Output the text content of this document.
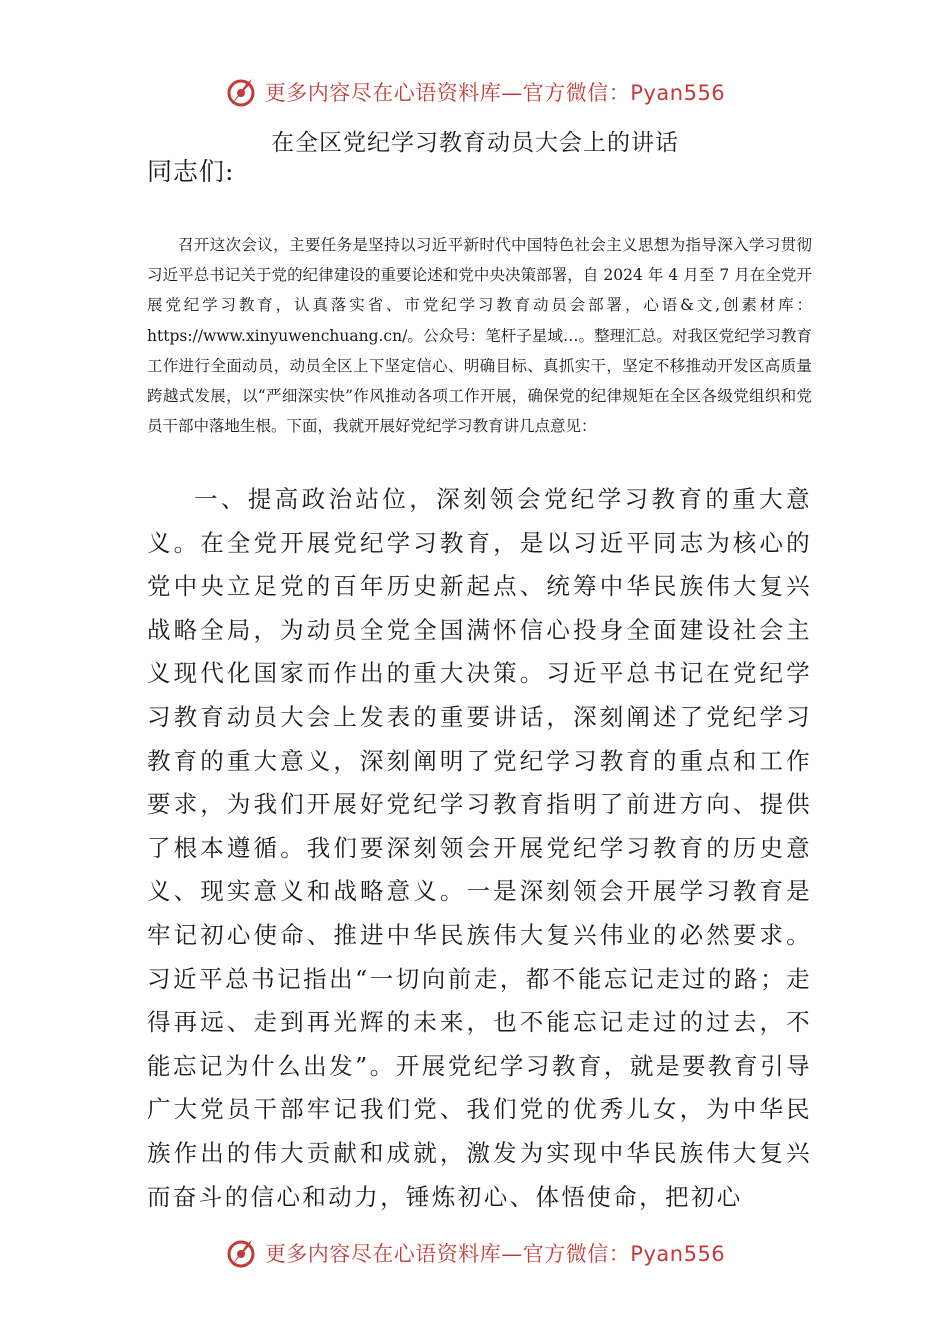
更多内容尽在心语资料库—官方微信：Pyan556
在全区党纪学习教育动员大会上的讲话
同志们:

召开这次会议，主要任务是坚持以习近平新时代中国特色社会主义思想为指导深入学习贯彻习近平总书记关于党的纪律建设的重要论述和党中央决策部署，自 2024 年 4 月至 7 月在全党开展党纪学习教育，认真落实省、市党纪学习教育动员会部署，心语&文,创素材库：https://www.xinyuwenchuang.cn/。公众号：笔杆子星域…。整理汇总。对我区党纪学习教育工作进行全面动员，动员全区上下坚定信心、明确目标、真抓实干，坚定不移推动开发区高质量跨越式发展，以“严细深实快”作风推动各项工作开展，确保党的纪律规矩在全区各级党组织和党员干部中落地生根。下面，我就开展好党纪学习教育讲几点意见：

一、提高政治站位，深刻领会党纪学习教育的重大意义。在全党开展党纪学习教育，是以习近平同志为核心的党中央立足党的百年历史新起点、统筹中华民族伟大复兴战略全局，为动员全党全国满怀信心投身全面建设社会主义现代化国家而作出的重大决策。习近平总书记在党纪学习教育动员大会上发表的重要讲话，深刻阐述了党纪学习教育的重大意义，深刻阐明了党纪学习教育的重点和工作要求，为我们开展好党纪学习教育指明了前进方向、提供了根本遵循。我们要深刻领会开展党纪学习教育的历史意义、现实意义和战略意义。一是深刻领会开展学习教育是牢记初心使命、推进中华民族伟大复兴伟业的必然要求。习近平总书记指出“一切向前走，都不能忘记走过的路；走得再远、走到再光辉的未来，也不能忘记走过的过去，不能忘记为什么出发”。开展党纪学习教育，就是要教育引导广大党员干部牢记我们党、我们党的优秀儿女，为中华民族作出的伟大贡献和成就，激发为实现中华民族伟大复兴而奋斗的信心和动力，锤炼初心、体悟使命，把初心

更多内容尽在心语资料库—官方微信：Pyan556
